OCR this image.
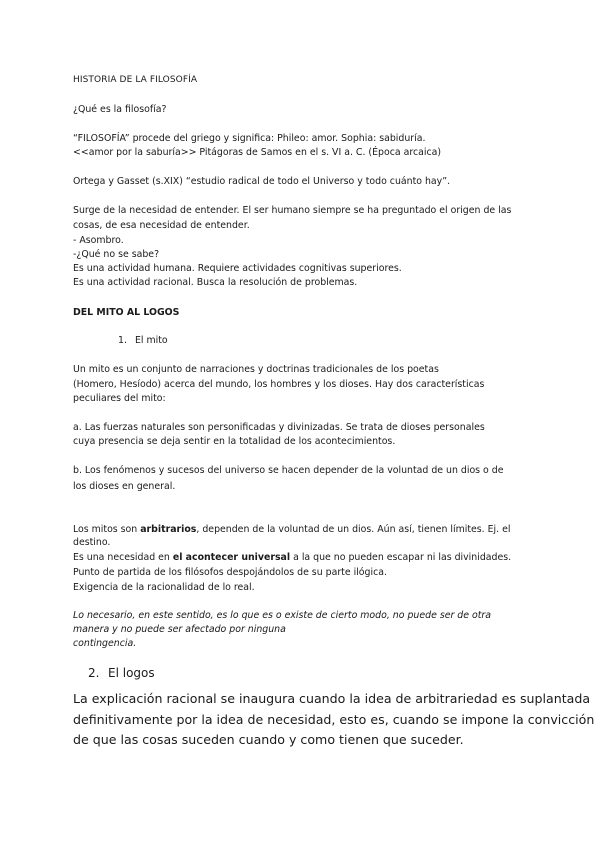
HISTORIA DE LA FILOSOFÍA

¿Qué es la filosofía?

“FILOSOFÍA” procede del griego y significa: Phileo: amor. Sophia: sabiduría.

<<amor por la saburía>> Pitágoras de Samos en el s. VI a. C. (Época arcaica)

Ortega y Gasset (s.XIX) “estudio radical de todo el Universo y todo cuánto hay”.

Surge de la necesidad de entender. El ser humano siempre se ha preguntado el origen de las

cosas, de esa necesidad de entender.

- Asombro.

-¿Qué no se sabe?

Es una actividad humana. Requiere actividades cognitivas superiores.

Es una actividad racional. Busca la resolución de problemas.

DEL MITO AL LOGOS

1. El mito

Un mito es un conjunto de narraciones y doctrinas tradicionales de los poetas

(Homero, Hesíodo) acerca del mundo, los hombres y los dioses. Hay dos características

peculiares del mito:

a. Las fuerzas naturales son personificadas y divinizadas. Se trata de dioses personales

cuya presencia se deja sentir en la totalidad de los acontecimientos.

b. Los fenómenos y sucesos del universo se hacen depender de la voluntad de un dios o de

los dioses en general.

Los mitos son arbitrarios, dependen de la voluntad de un dios. Aún así, tienen límites. Ej. el

destino.

Es una necesidad en el acontecer universal a la que no pueden escapar ni las divinidades.

Punto de partida de los filósofos despojándolos de su parte ilógica.

Exigencia de la racionalidad de lo real.

Lo necesario, en este sentido, es lo que es o existe de cierto modo, no puede ser de otra

manera y no puede ser afectado por ninguna

contingencia.

2. El logos

La explicación racional se inaugura cuando la idea de arbitrariedad es suplantada

definitivamente por la idea de necesidad, esto es, cuando se impone la convicción

de que las cosas suceden cuando y como tienen que suceder.
